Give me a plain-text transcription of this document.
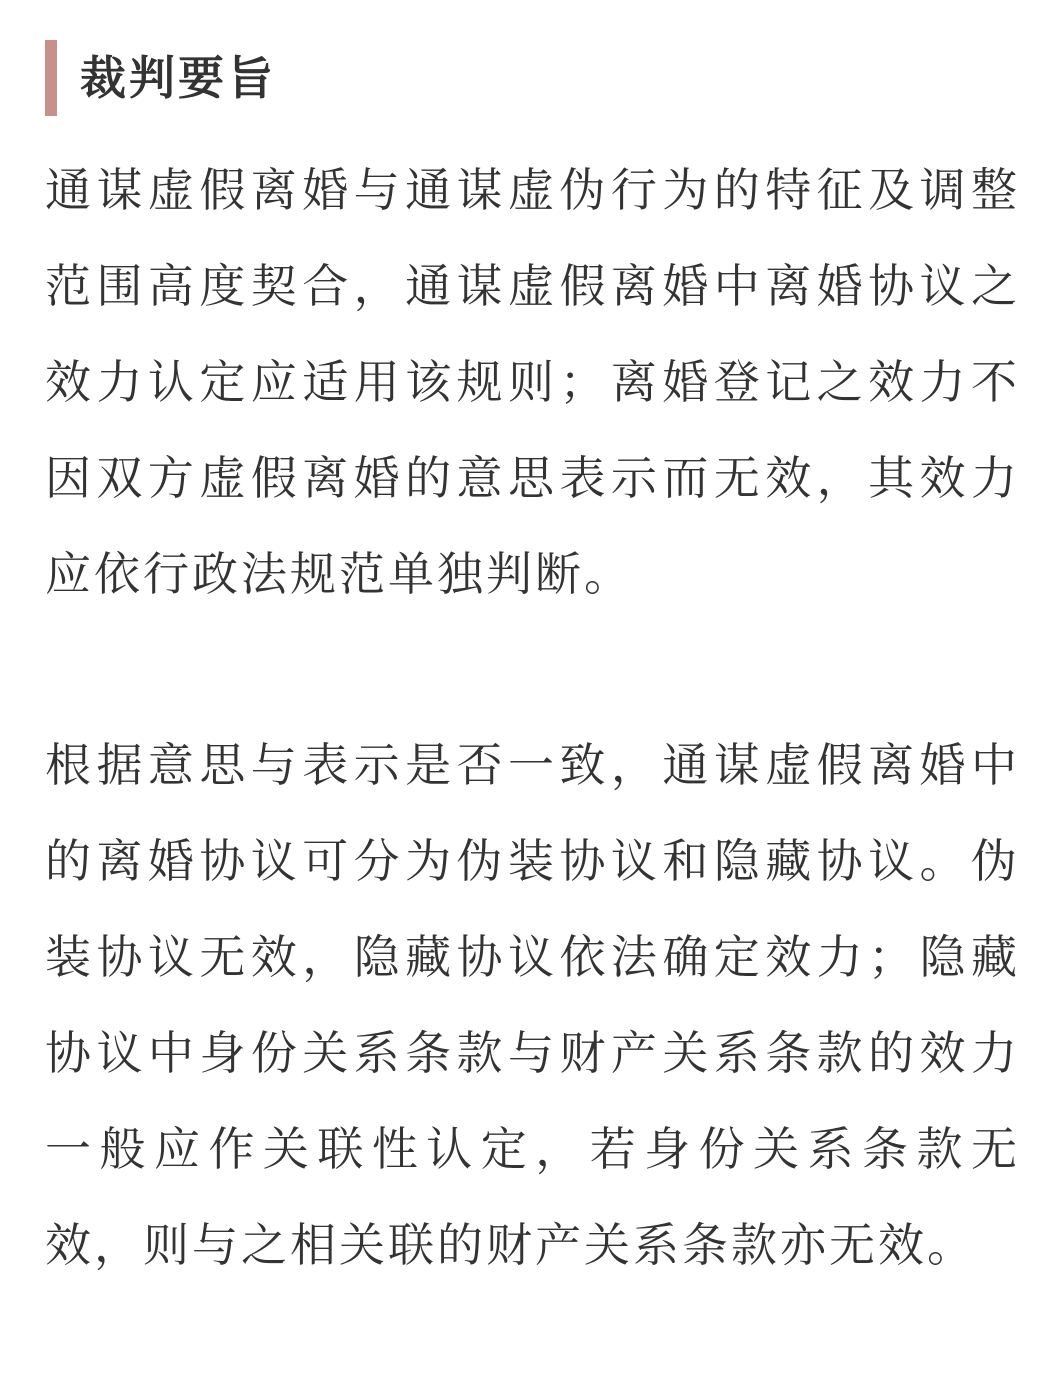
裁判要旨
通谋虚假离婚与通谋虚伪行为的特征及调整
范围高度契合，通谋虚假离婚中离婚协议之
效力认定应适用该规则；离婚登记之效力不
因双方虚假离婚的意思表示而无效，其效力
应依行政法规范单独判断。
根据意思与表示是否一致，通谋虚假离婚中
的离婚协议可分为伪装协议和隐藏协议。伪
装协议无效，隐藏协议依法确定效力；隐藏
协议中身份关系条款与财产关系条款的效力
一般应作关联性认定，若身份关系条款无
效，则与之相关联的财产关系条款亦无效。
